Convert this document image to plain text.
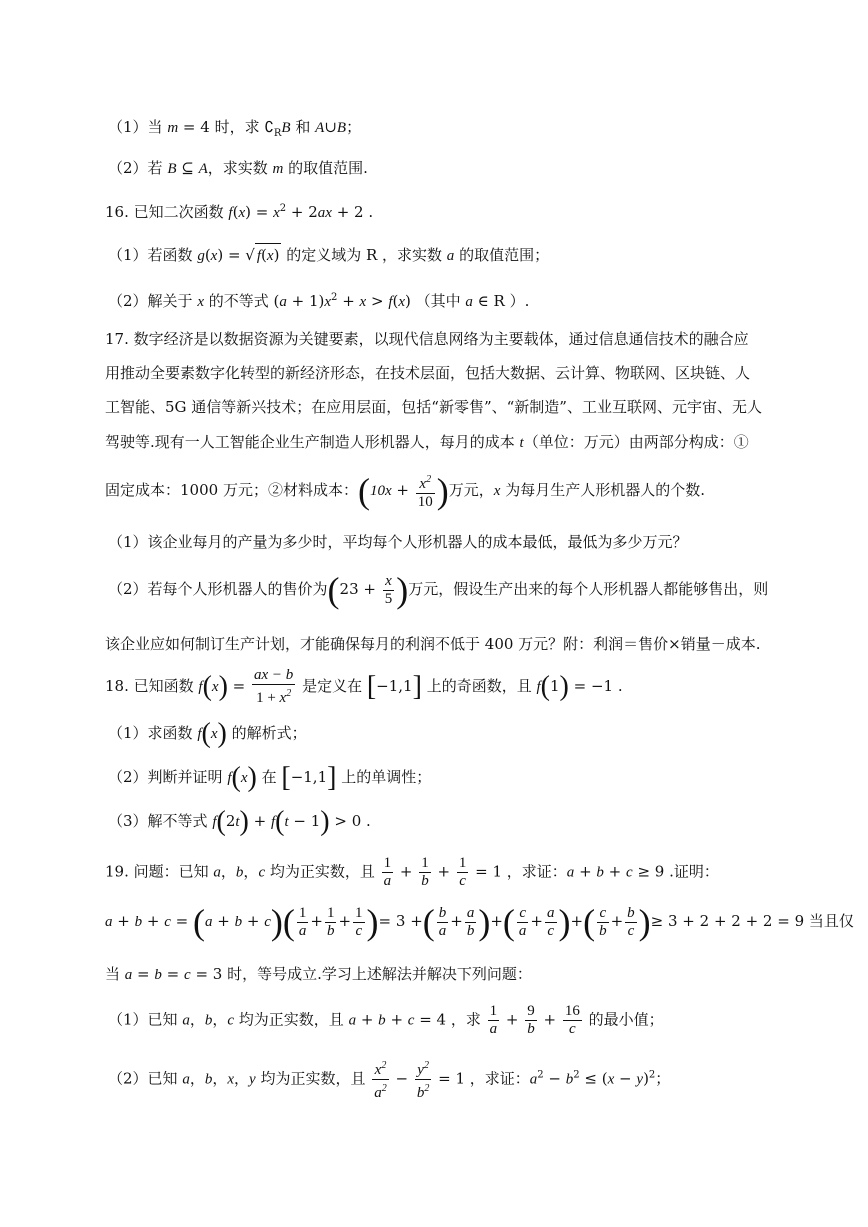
（1）当 m = 4 时，求 $∁_RB$ 和 A∪B；
（2）若 B ⊆ A，求实数 m 的取值范围.
16. 已知二次函数 $f(x) = x^2 + 2ax + 2$ .
（1）若函数 g(x) = √ f(x) 的定义域为 R ，求实数 a 的取值范围；
（2）解关于 x 的不等式 $(a + 1)x^2 + x > f(x)$ （其中 a ∈ R ）.
17. 数字经济是以数据资源为关键要素，以现代信息网络为主要载体，通过信息通信技术的融合应
用推动全要素数字化转型的新经济形态，在技术层面，包括大数据、云计算、物联网、区块链、人
工智能、5G 通信等新兴技术；在应用层面，包括“新零售”、“新制造”、工业互联网、元宇宙、无人
驾驶等.现有一人工智能企业生产制造人形机器人，每月的成本 t（单位：万元）由两部分构成：①
固定成本：1000 万元；②材料成本：($10x + \frac{x^2}{10}$ )万元，x 为每月生产人形机器人的个数.
（1）该企业每月的产量为多少时，平均每个人形机器人的成本最低，最低为多少万元？
（2）若每个人形机器人的售价为($23 + \frac{x}{5}$ )万元，假设生产出来的每个人形机器人都能够售出，则
该企业应如何制订生产计划，才能确保每月的利润不低于 400 万元？附：利润＝售价×销量－成本.
18. 已知函数 $f(x) = \frac{ax - b}{1 + x^2}$ 是定义在 [−1,1] 上的奇函数，且 f(1) = −1 .
（1）求函数 f(x) 的解析式；
（2）判断并证明 f(x) 在 [−1,1] 上的单调性；
（3）解不等式 f(2t) + f(t − 1) > 0 .
19. 问题：已知 a，b，c 均为正实数，且 $\frac{1}{a} + \frac{1}{b} + \frac{1}{c} = 1$ ，求证：a + b + c ≥ 9 .证明：
$a + b + c = (a + b + c)( \frac{1}{a} + \frac{1}{b} + \frac{1}{c}$ )= 3 +( $\frac{b}{a} + \frac{a}{b}$ )+( $\frac{c}{a} + \frac{a}{c}$ )+( $\frac{c}{b} + \frac{b}{c}$ )≥ 3 + 2 + 2 + 2 = 9 当且仅
当 a = b = c = 3 时，等号成立.学习上述解法并解决下列问题：
（1）已知 a，b，c 均为正实数，且 a + b + c = 4 ，求 $\frac{1}{a} + \frac{9}{b} + \frac{16}{c}$ 的最小值；
（2）已知 a，b，x，y 均为正实数，且 $\frac{x^2}{a^2} - \frac{y^2}{b^2} = 1$ ，求证：$a^2 - b^2 \le (x - y)^2$；
